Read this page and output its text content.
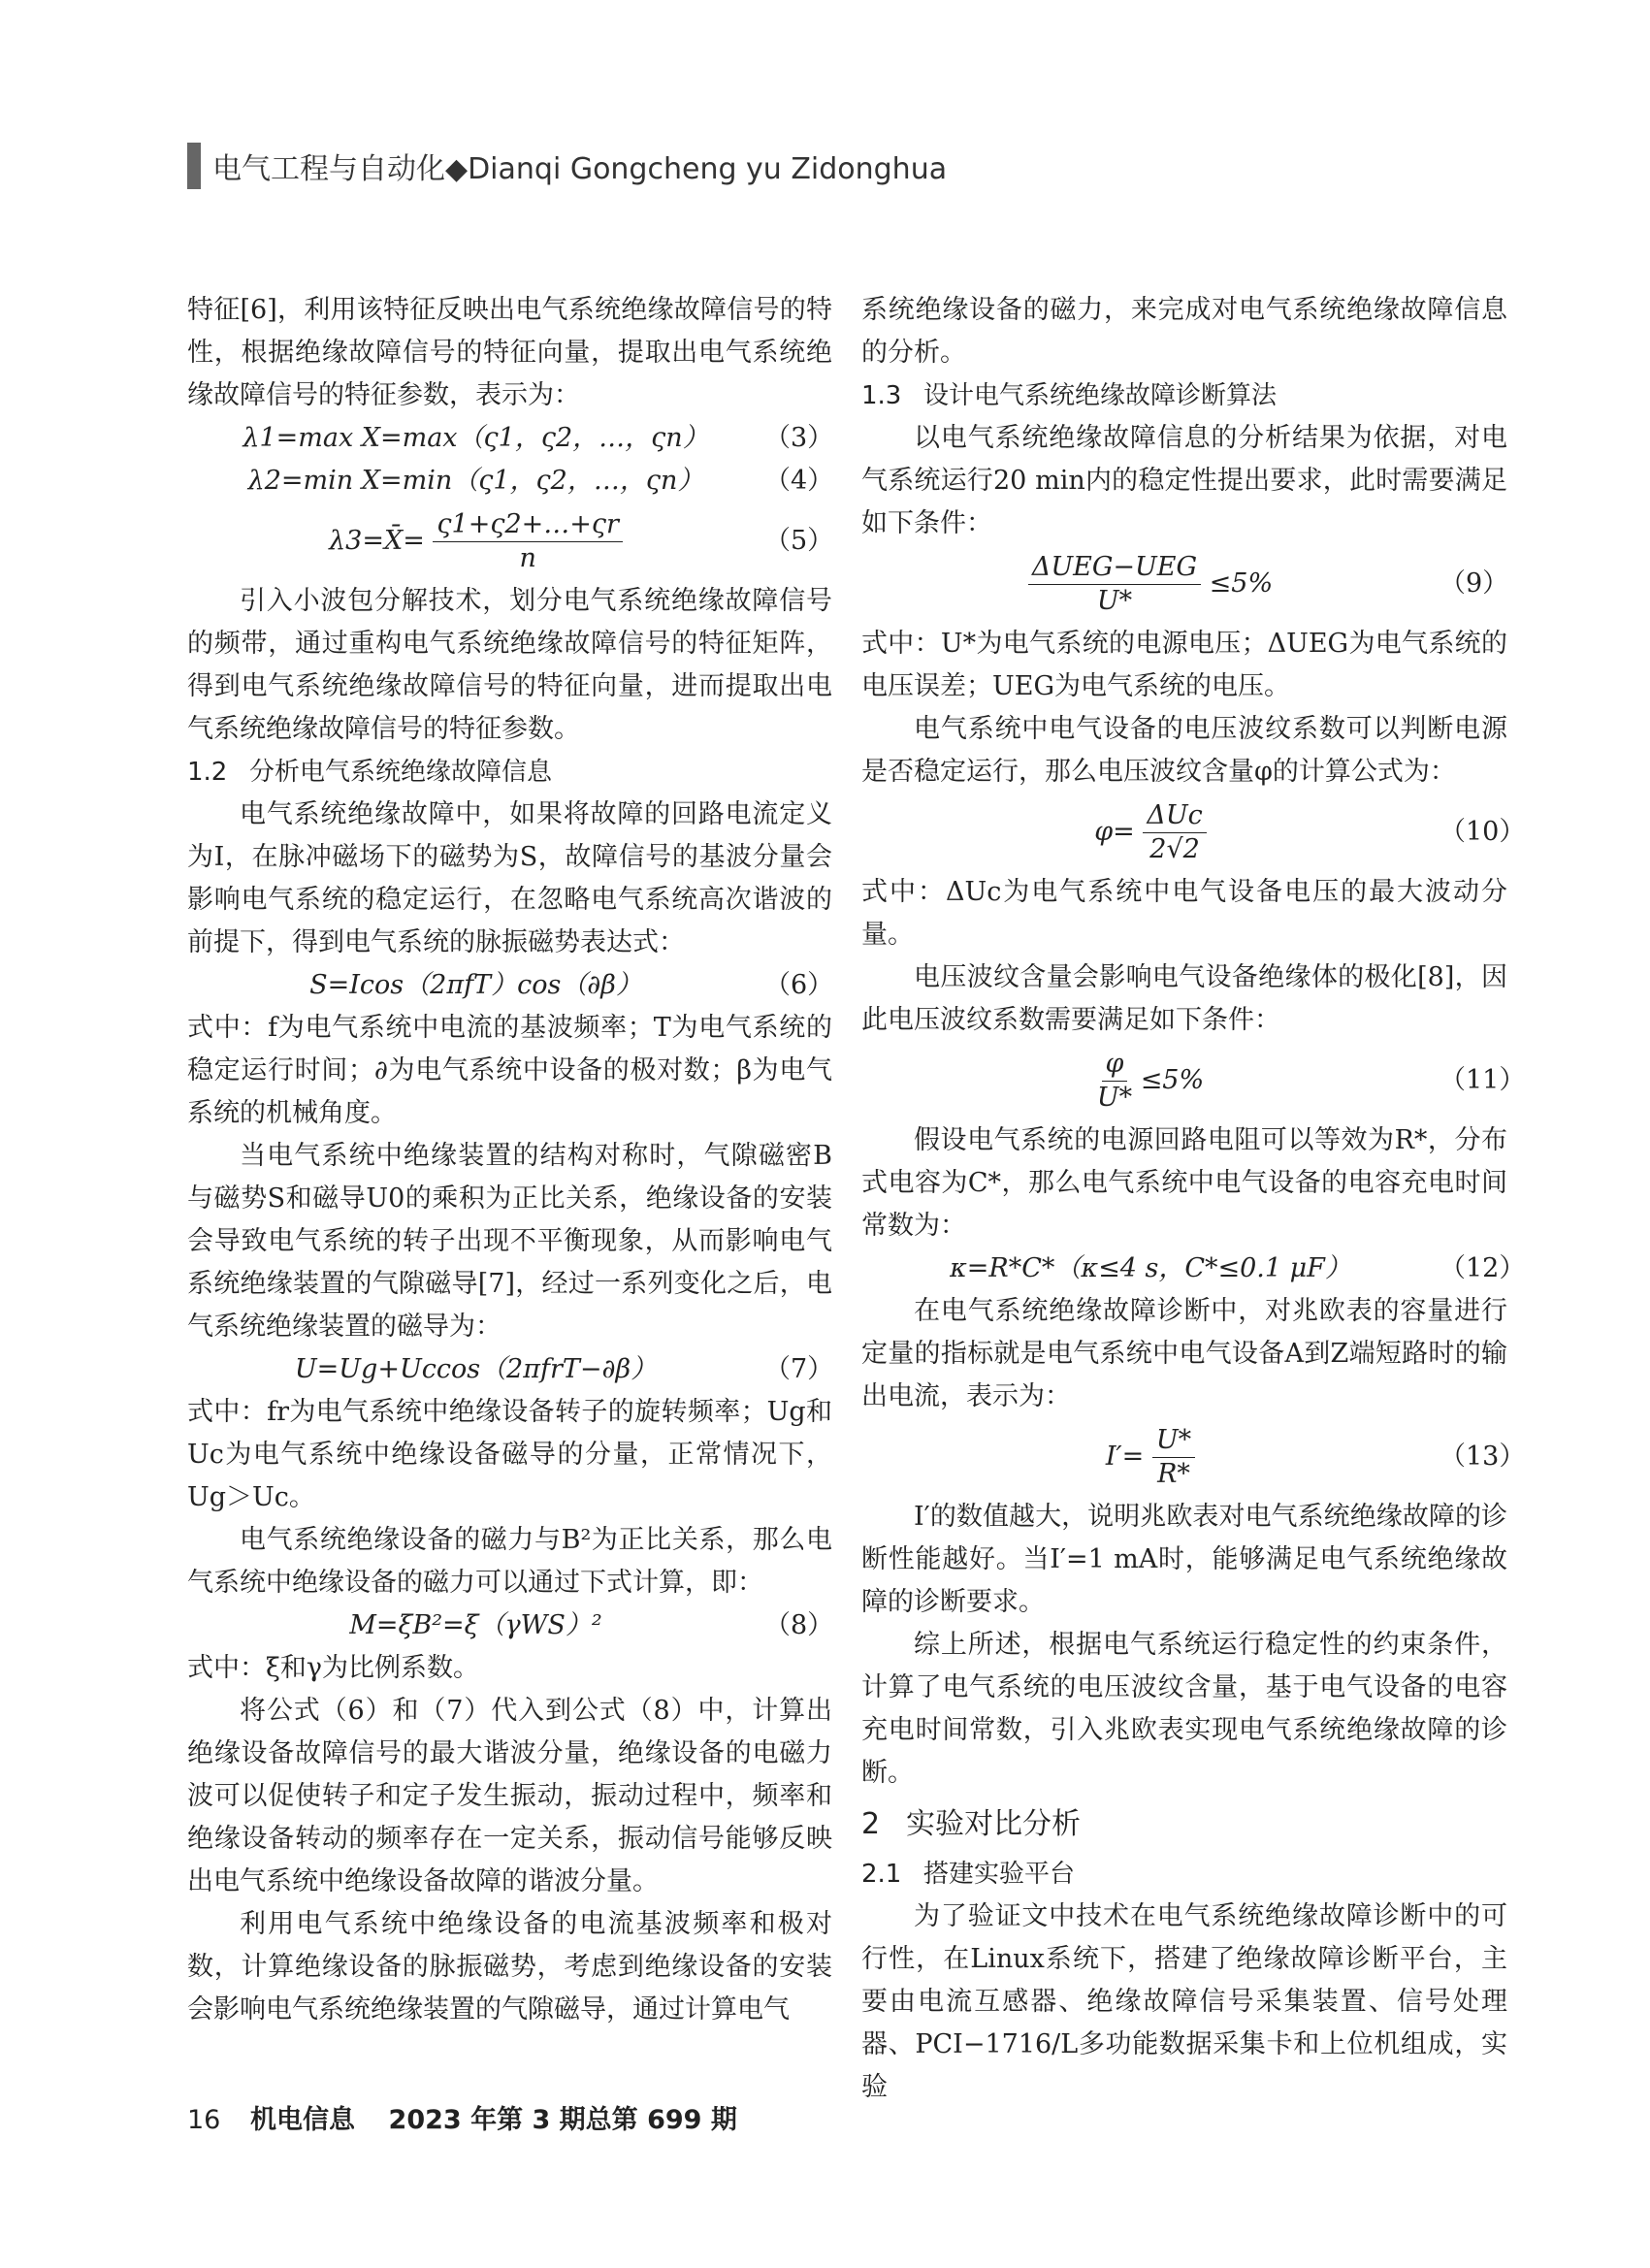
电气工程与自动化◆Dianqi Gongcheng yu Zidonghua

特征[6]，利用该特征反映出电气系统绝缘故障信号的特性，根据绝缘故障信号的特征向量，提取出电气系统绝缘故障信号的特征参数，表示为：

λ1=max X=max（ς1，ς2，…，ςn）	（3）
λ2=min X=min（ς1，ς2，…，ςn）	（4）
λ3=X̄= $\frac{\varsigma 1+\varsigma 2+\dots+\varsigma r}{n}$	（5）

引入小波包分解技术，划分电气系统绝缘故障信号的频带，通过重构电气系统绝缘故障信号的特征矩阵，得到电气系统绝缘故障信号的特征向量，进而提取出电气系统绝缘故障信号的特征参数。

1.2 分析电气系统绝缘故障信息

电气系统绝缘故障中，如果将故障的回路电流定义为I，在脉冲磁场下的磁势为S，故障信号的基波分量会影响电气系统的稳定运行，在忽略电气系统高次谐波的前提下，得到电气系统的脉振磁势表达式：

S=Icos（2πfT）cos（∂β）	（6）

式中：f为电气系统中电流的基波频率；T为电气系统的稳定运行时间；∂为电气系统中设备的极对数；β为电气系统的机械角度。

当电气系统中绝缘装置的结构对称时，气隙磁密B与磁势S和磁导U0的乘积为正比关系，绝缘设备的安装会导致电气系统的转子出现不平衡现象，从而影响电气系统绝缘装置的气隙磁导[7]，经过一系列变化之后，电气系统绝缘装置的磁导为：

U=Ug+Uccos（2πfrT−∂β）	（7）

式中：fr为电气系统中绝缘设备转子的旋转频率；Ug和Uc为电气系统中绝缘设备磁导的分量，正常情况下，Ug＞Uc。

电气系统绝缘设备的磁力与B²为正比关系，那么电气系统中绝缘设备的磁力可以通过下式计算，即：

M=ξB²=ξ（γWS）²	（8）

式中：ξ和γ为比例系数。

将公式（6）和（7）代入到公式（8）中，计算出绝缘设备故障信号的最大谐波分量，绝缘设备的电磁力波可以促使转子和定子发生振动，振动过程中，频率和绝缘设备转动的频率存在一定关系，振动信号能够反映出电气系统中绝缘设备故障的谐波分量。

利用电气系统中绝缘设备的电流基波频率和极对数，计算绝缘设备的脉振磁势，考虑到绝缘设备的安装会影响电气系统绝缘装置的气隙磁导，通过计算电气

系统绝缘设备的磁力，来完成对电气系统绝缘故障信息的分析。

1.3 设计电气系统绝缘故障诊断算法

以电气系统绝缘故障信息的分析结果为依据，对电气系统运行20 min内的稳定性提出要求，此时需要满足如下条件：

$\frac{\text{ΔUEG−UEG}}{U*} \le 5\%$	（9）

式中：U*为电气系统的电源电压；ΔUEG为电气系统的电压误差；UEG为电气系统的电压。

电气系统中电气设备的电压波纹系数可以判断电源是否稳定运行，那么电压波纹含量φ的计算公式为：

$\varphi= \frac{\text{ΔUc}}{2√2}$	（10）

式中：ΔUc为电气系统中电气设备电压的最大波动分量。

电压波纹含量会影响电气设备绝缘体的极化[8]，因此电压波纹系数需要满足如下条件：

$\frac{\varphi}{U*} \le 5\%$	（11）

假设电气系统的电源回路电阻可以等效为R*，分布式电容为C*，那么电气系统中电气设备的电容充电时间常数为：

κ=R*C*（κ≤4 s，C*≤0.1 μF）	（12）

在电气系统绝缘故障诊断中，对兆欧表的容量进行定量的指标就是电气系统中电气设备A到Z端短路时的输出电流，表示为：

$I'= \frac{U*}{R*}$	（13）

I′的数值越大，说明兆欧表对电气系统绝缘故障的诊断性能越好。当I′=1 mA时，能够满足电气系统绝缘故障的诊断要求。

综上所述，根据电气系统运行稳定性的约束条件，计算了电气系统的电压波纹含量，基于电气设备的电容充电时间常数，引入兆欧表实现电气系统绝缘故障的诊断。

2 实验对比分析
2.1 搭建实验平台

为了验证文中技术在电气系统绝缘故障诊断中的可行性，在Linux系统下，搭建了绝缘故障诊断平台，主要由电流互感器、绝缘故障信号采集装置、信号处理器、PCI−1716/L多功能数据采集卡和上位机组成，实验

16 机电信息 2023 年第 3 期总第 699 期
